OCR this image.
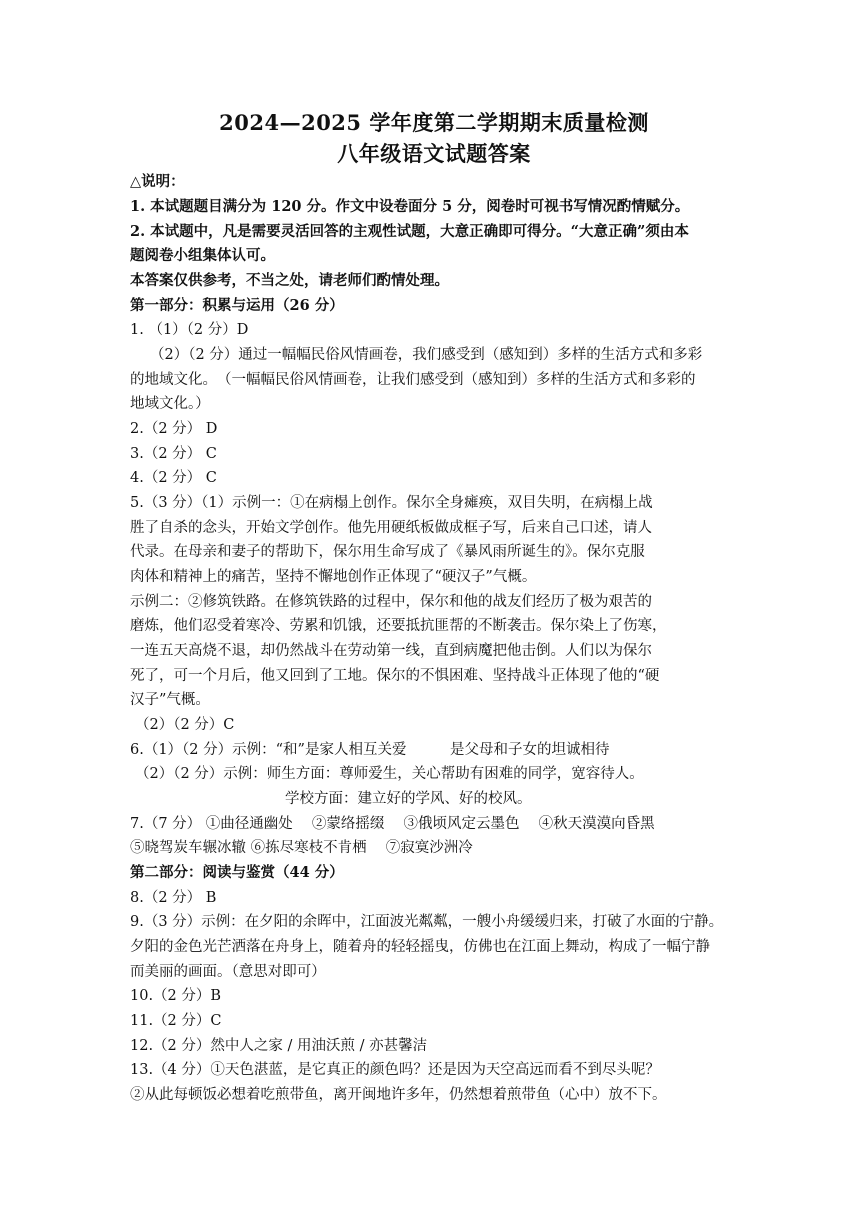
2024—2025 学年度第二学期期末质量检测
八年级语文试题答案
△说明：
1. 本试题题目满分为 120 分。作文中设卷面分 5 分，阅卷时可视书写情况酌情赋分。
2. 本试题中，凡是需要灵活回答的主观性试题，大意正确即可得分。“大意正确”须由本
题阅卷小组集体认可。
本答案仅供参考，不当之处，请老师们酌情处理。
第一部分：积累与运用（26 分）
1. （1）（2 分）D
（2）（2 分）通过一幅幅民俗风情画卷，我们感受到（感知到）多样的生活方式和多彩
的地域文化。　（一幅幅民俗风情画卷，让我们感受到（感知到）多样的生活方式和多彩的
地域文化。）
2.（2 分） D
3.（2 分） C
4.（2 分） C
5.（3 分）（1）示例一：①在病榻上创作。保尔全身瘫痪，双目失明，在病榻上战
胜了自杀的念头，开始文学创作。他先用硬纸板做成框子写，后来自己口述，请人
代录。在母亲和妻子的帮助下，保尔用生命写成了《暴风雨所诞生的》。保尔克服
肉体和精神上的痛苦，坚持不懈地创作正体现了“硬汉子”气概。
示例二：②修筑铁路。在修筑铁路的过程中，保尔和他的战友们经历了极为艰苦的
磨炼，他们忍受着寒冷、劳累和饥饿，还要抵抗匪帮的不断袭击。保尔染上了伤寒，
一连五天高烧不退，却仍然战斗在劳动第一线，直到病魔把他击倒。人们以为保尔
死了，可一个月后，他又回到了工地。保尔的不惧困难、坚持战斗正体现了他的“硬
汉子”气概。
（2）（2 分）C
6.（1）（2 分）示例：“和”是家人相互关爱　　　是父母和子女的坦诚相待
（2）（2 分）示例：师生方面：尊师爱生，关心帮助有困难的同学，宽容待人。
学校方面：建立好的学风、好的校风。
7.（7 分） ①曲径通幽处　 ②蒙络摇缀　 ③俄顷风定云墨色　 ④秋天漠漠向昏黑
⑤晓驾炭车辗冰辙 ⑥拣尽寒枝不肯栖　 ⑦寂寞沙洲冷
第二部分：阅读与鉴赏（44 分）
8.（2 分） B
9.（3 分）示例：在夕阳的余晖中，江面波光粼粼，一艘小舟缓缓归来，打破了水面的宁静。
夕阳的金色光芒洒落在舟身上，随着舟的轻轻摇曳，仿佛也在江面上舞动，构成了一幅宁静
而美丽的画面。（意思对即可）
10.（2 分）B
11.（2 分）C
12.（2 分）然中人之家 / 用油沃煎 / 亦甚馨洁
13.（4 分）①天色湛蓝，是它真正的颜色吗？还是因为天空高远而看不到尽头呢？
②从此每顿饭必想着吃煎带鱼，离开闽地许多年，仍然想着煎带鱼（心中）放不下。
